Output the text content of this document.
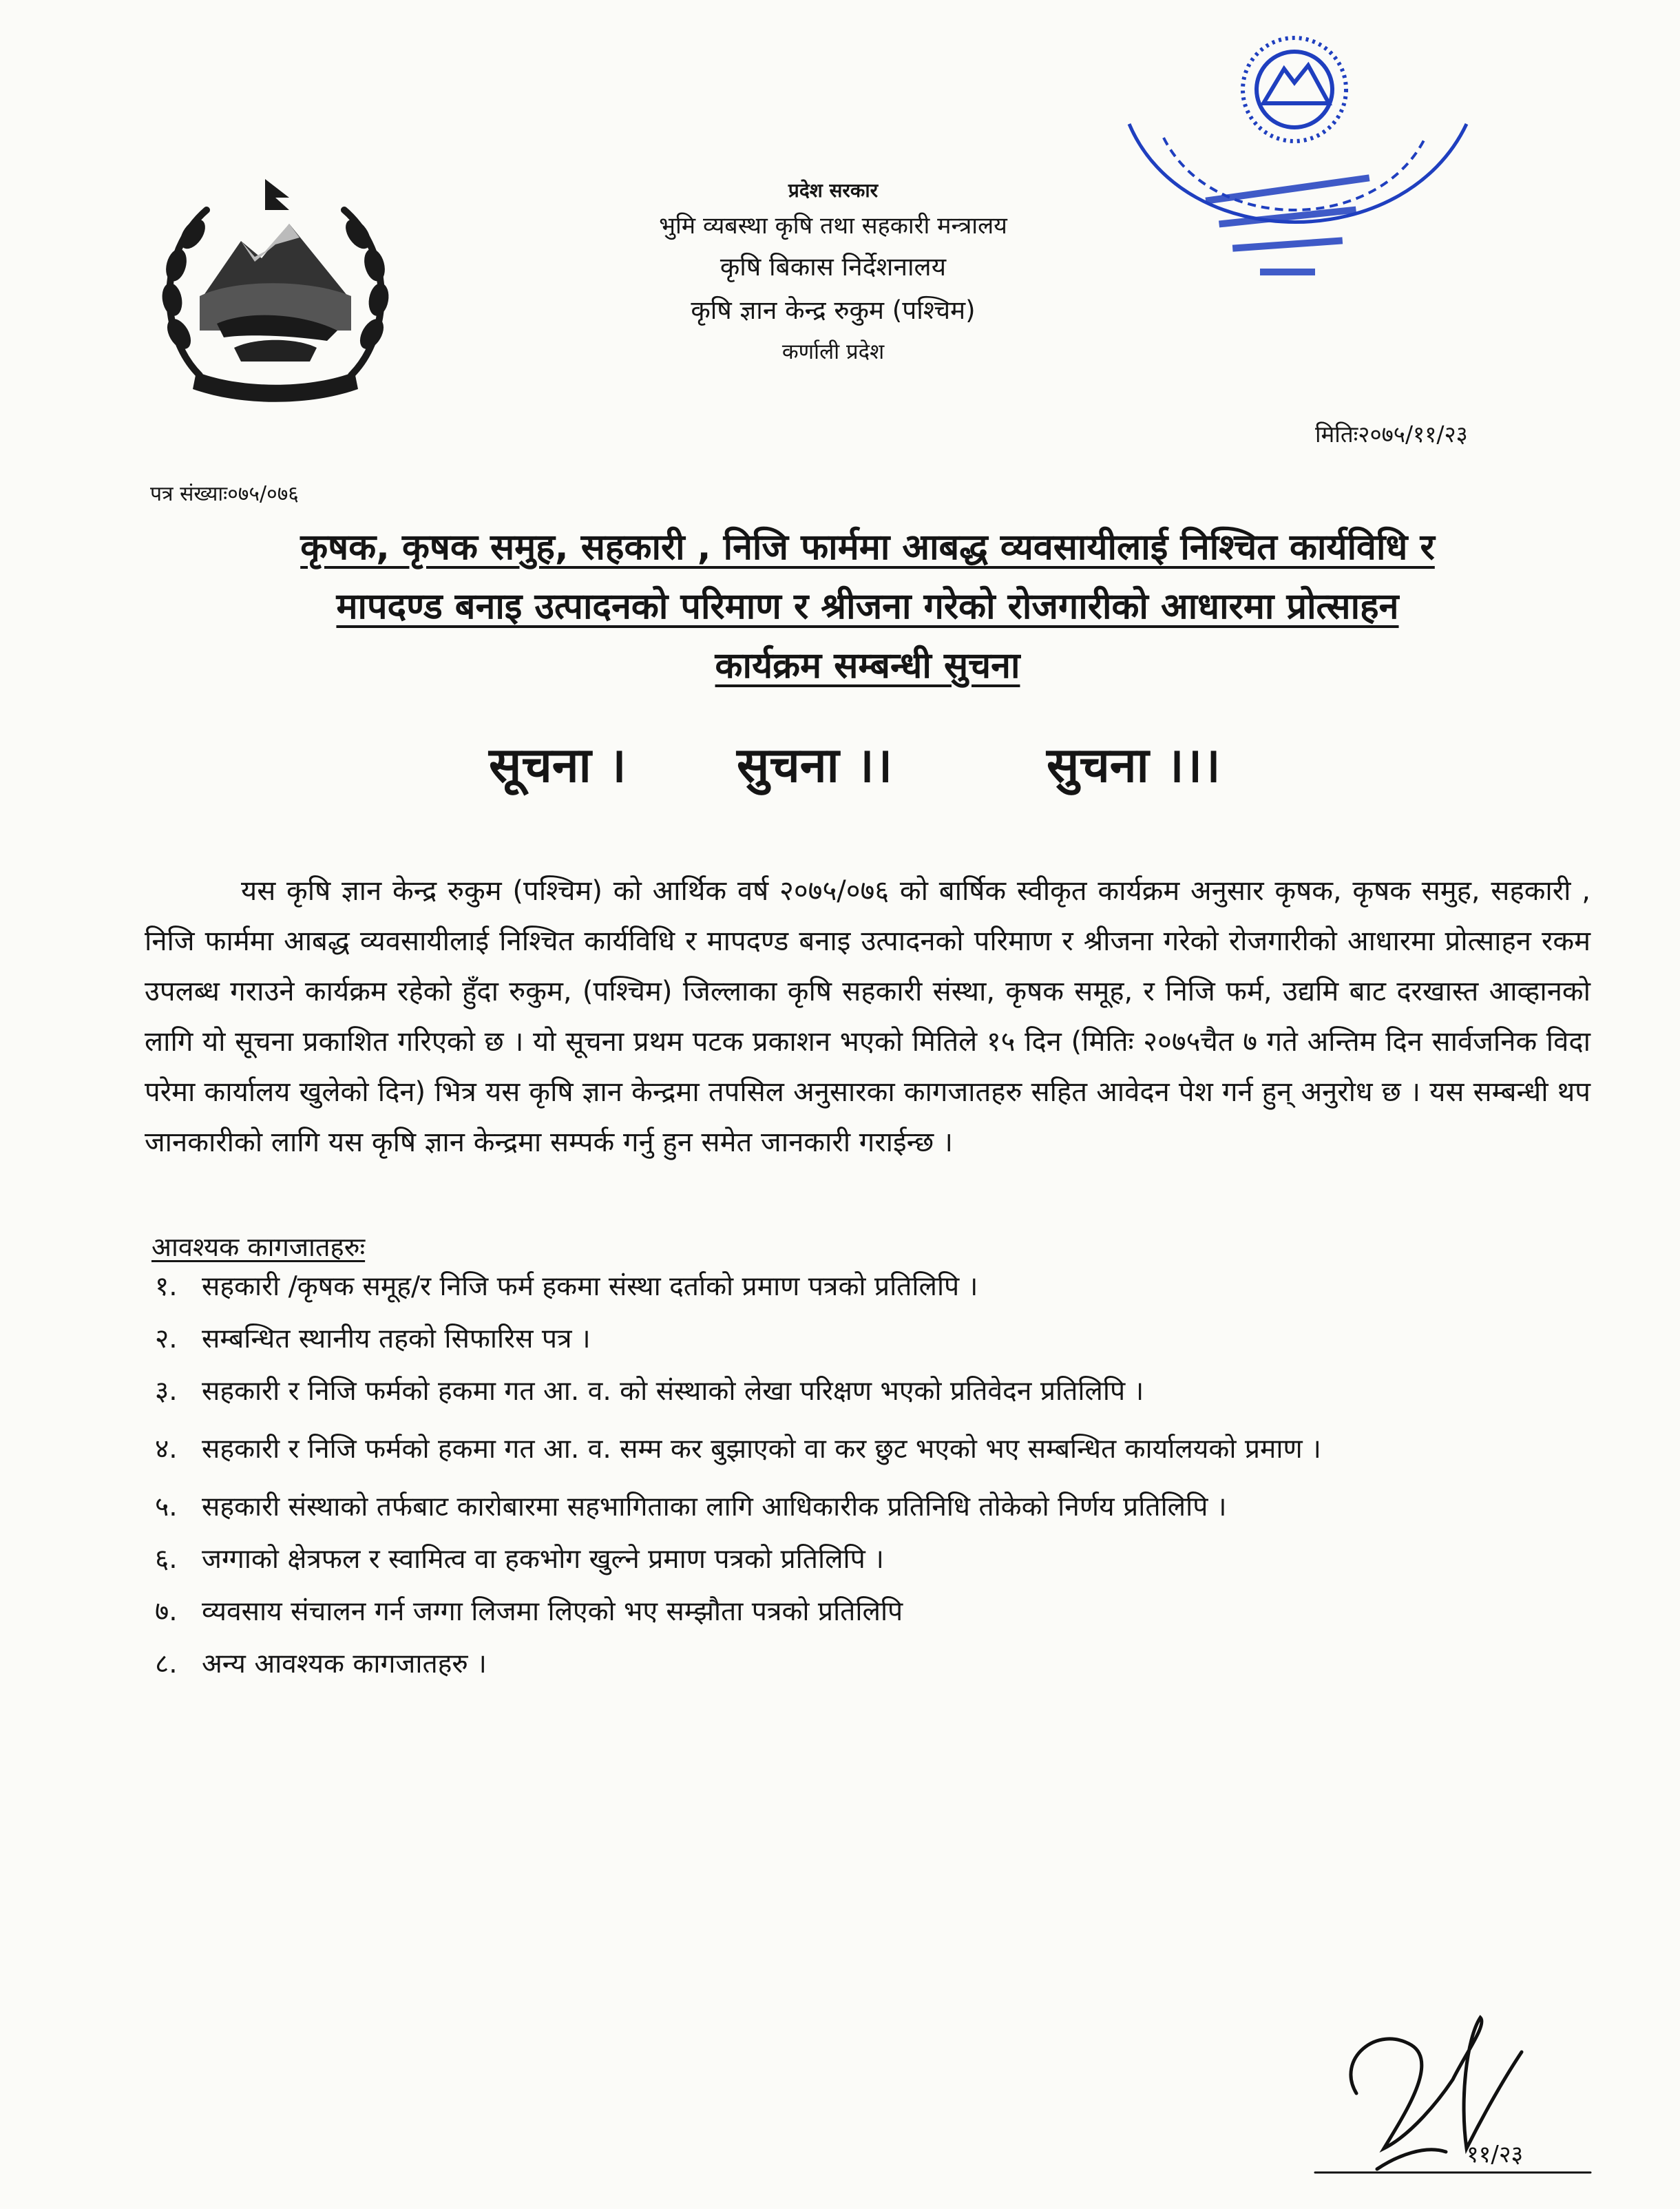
प्रदेश सरकार
भुमि व्यबस्था कृषि तथा सहकारी मन्त्रालय
कृषि बिकास निर्देशनालय
कृषि ज्ञान केन्द्र रुकुम (पश्चिम)
कर्णाली प्रदेश
मितिः२०७५/११/२३
पत्र संख्याः०७५/०७६
कृषक, कृषक समुह, सहकारी , निजि फार्ममा आबद्ध व्यवसायीलाई निश्चित कार्यविधि र
मापदण्ड बनाइ उत्पादनको परिमाण र श्रीजना गरेको रोजगारीको आधारमा प्रोत्साहन
कार्यक्रम सम्बन्धी सुचना
सूचना । सुचना ।।	सुचना ।।।
यस कृषि ज्ञान केन्द्र रुकुम (पश्चिम) को आर्थिक वर्ष २०७५/०७६ को बार्षिक स्वीकृत कार्यक्रम अनुसार कृषक, कृषक समुह, सहकारी , निजि फार्ममा आबद्ध व्यवसायीलाई निश्चित कार्यविधि र मापदण्ड बनाइ उत्पादनको परिमाण र श्रीजना गरेको रोजगारीको आधारमा प्रोत्साहन रकम उपलब्ध गराउने कार्यक्रम रहेको हुँदा रुकुम, (पश्चिम) जिल्लाका कृषि सहकारी संस्था, कृषक समूह, र निजि फर्म, उद्यमि बाट दरखास्त आव्हानको लागि यो सूचना प्रकाशित गरिएको छ । यो सूचना प्रथम पटक प्रकाशन भएको मितिले १५ दिन (मितिः २०७५चैत ७ गते अन्तिम दिन सार्वजनिक विदा परेमा कार्यालय खुलेको दिन) भित्र यस कृषि ज्ञान केन्द्रमा तपसिल अनुसारका कागजातहरु सहित आवेदन पेश गर्न हुन् अनुरोध छ । यस सम्बन्धी थप जानकारीको लागि यस कृषि ज्ञान केन्द्रमा सम्पर्क गर्नु हुन समेत जानकारी गराईन्छ ।
आवश्यक कागजातहरुः
१. सहकारी /कृषक समूह/र निजि फर्म हकमा संस्था दर्ताको प्रमाण पत्रको प्रतिलिपि ।
२. सम्बन्धित स्थानीय तहको सिफारिस पत्र ।
३. सहकारी र निजि फर्मको हकमा गत आ. व. को संस्थाको लेखा परिक्षण भएको प्रतिवेदन प्रतिलिपि ।
४. सहकारी र निजि फर्मको हकमा गत आ. व. सम्म कर बुझाएको वा कर छुट भएको भए सम्बन्धित कार्यालयको प्रमाण ।
५. सहकारी संस्थाको तर्फबाट कारोबारमा सहभागिताका लागि आधिकारीक प्रतिनिधि तोकेको निर्णय प्रतिलिपि ।
६. जग्गाको क्षेत्रफल र स्वामित्व वा हकभोग खुल्ने प्रमाण पत्रको प्रतिलिपि ।
७. व्यवसाय संचालन गर्न जग्गा लिजमा लिएको भए सम्झौता पत्रको प्रतिलिपि
८. अन्य आवश्यक कागजातहरु ।
११/२३
